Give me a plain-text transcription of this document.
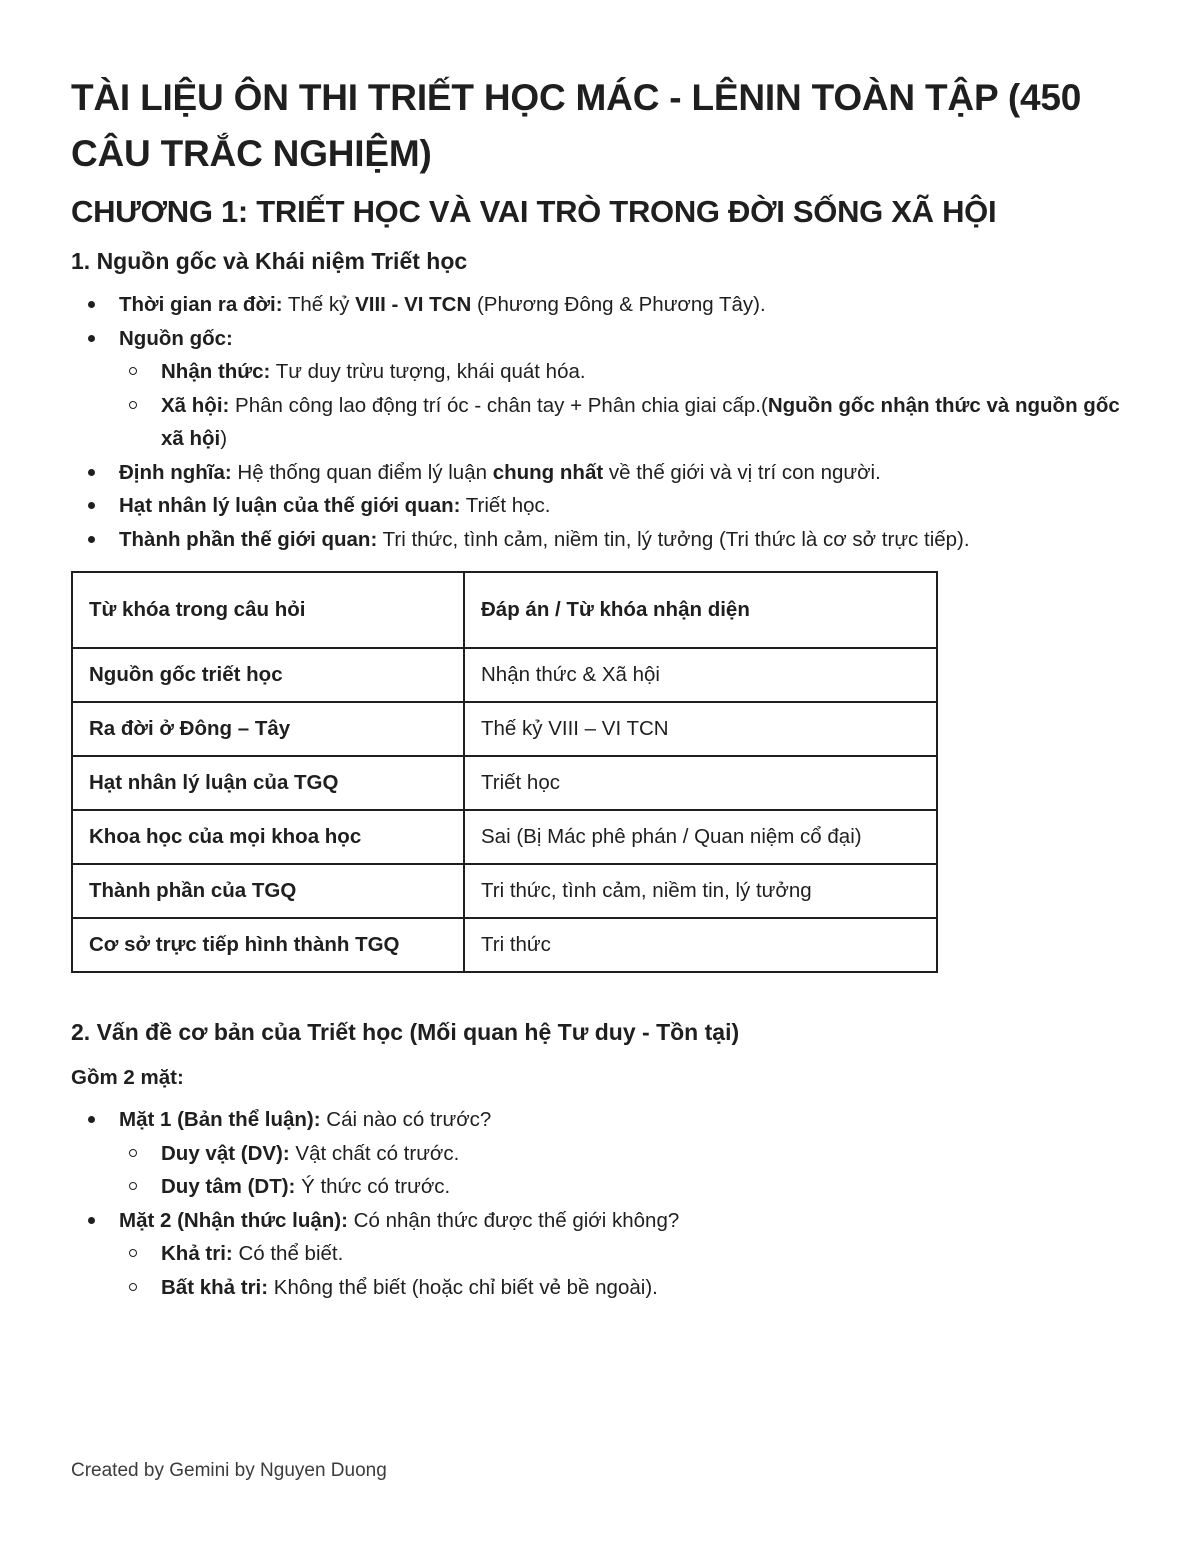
TÀI LIỆU ÔN THI TRIẾT HỌC MÁC - LÊNIN TOÀN TẬP (450 CÂU TRẮC NGHIỆM)
CHƯƠNG 1: TRIẾT HỌC VÀ VAI TRÒ TRONG ĐỜI SỐNG XÃ HỘI
1. Nguồn gốc và Khái niệm Triết học
Thời gian ra đời: Thế kỷ VIII - VI TCN (Phương Đông & Phương Tây).
Nguồn gốc:
Nhận thức: Tư duy trừu tượng, khái quát hóa.
Xã hội: Phân công lao động trí óc - chân tay + Phân chia giai cấp.(Nguồn gốc nhận thức và nguồn gốc xã hội)
Định nghĩa: Hệ thống quan điểm lý luận chung nhất về thế giới và vị trí con người.
Hạt nhân lý luận của thế giới quan: Triết học.
Thành phần thế giới quan: Tri thức, tình cảm, niềm tin, lý tưởng (Tri thức là cơ sở trực tiếp).
Từ khóa trong câu hỏi	Đáp án / Từ khóa nhận diện
Nguồn gốc triết học	Nhận thức & Xã hội
Ra đời ở Đông – Tây	Thế kỷ VIII – VI TCN
Hạt nhân lý luận của TGQ	Triết học
Khoa học của mọi khoa học	Sai (Bị Mác phê phán / Quan niệm cổ đại)
Thành phần của TGQ	Tri thức, tình cảm, niềm tin, lý tưởng
Cơ sở trực tiếp hình thành TGQ	Tri thức
2. Vấn đề cơ bản của Triết học (Mối quan hệ Tư duy - Tồn tại)

Gồm 2 mặt:

Mặt 1 (Bản thể luận): Cái nào có trước?
Duy vật (DV): Vật chất có trước.
Duy tâm (DT): Ý thức có trước.
Mặt 2 (Nhận thức luận): Có nhận thức được thế giới không?
Khả tri: Có thể biết.
Bất khả tri: Không thể biết (hoặc chỉ biết vẻ bề ngoài).
Created by Gemini by Nguyen Duong
